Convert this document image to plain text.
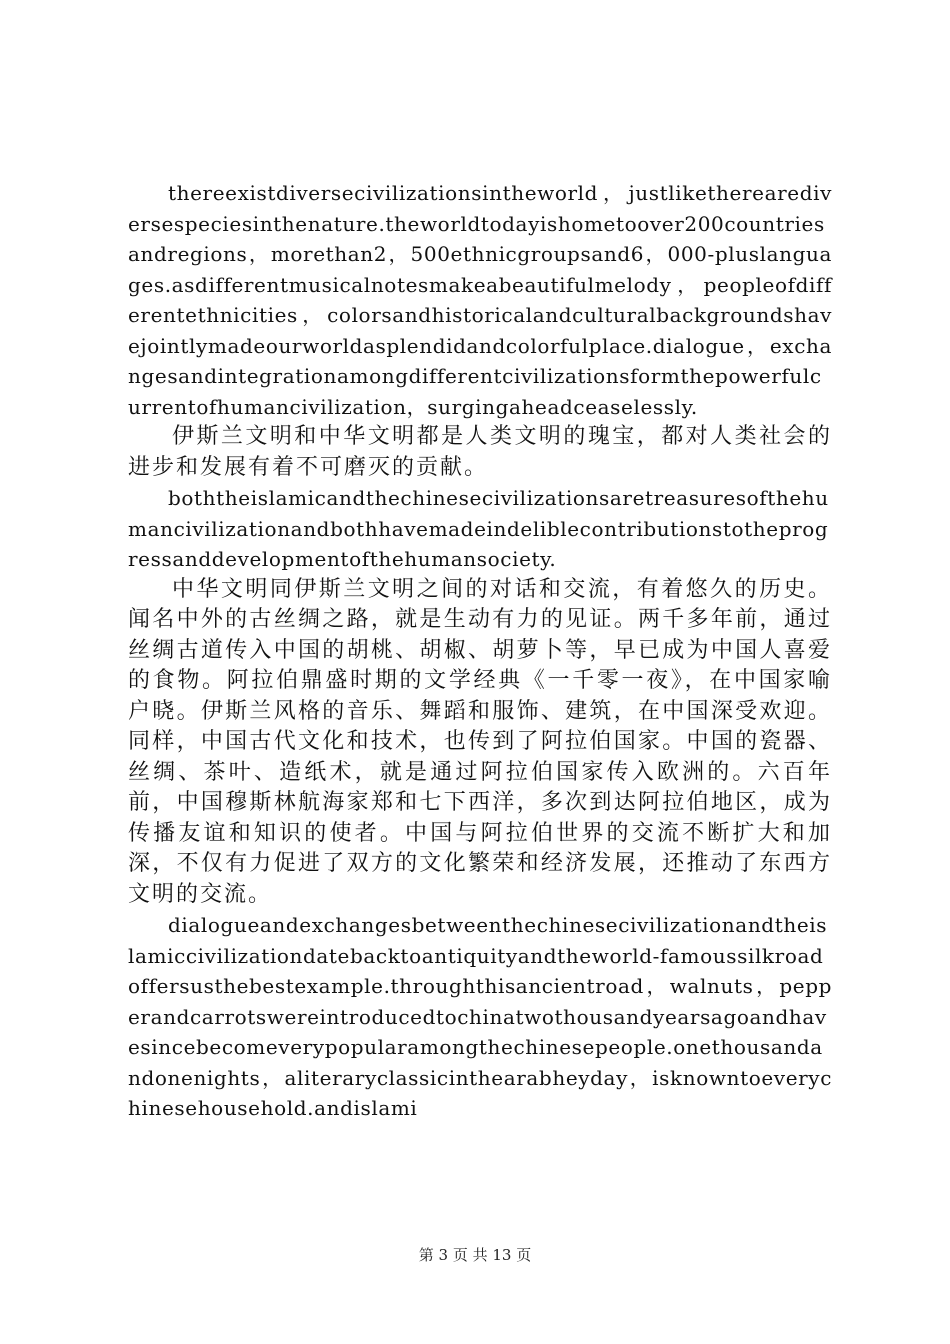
thereexistdiversecivilizationsintheworld，justliketherearediversespeciesinthenature.theworldtodayishometoover200countriesandregions，morethan2，500ethnicgroupsand6，000-pluslanguages.asdifferentmusicalnotesmakeabeautifulmelody，peopleofdifferentethnicities，colorsandhistoricalandculturalbackgroundshavejointlymadeourworldasplendidandcolorfulplace.dialogue，exchangesandintegrationamongdifferentcivilizationsformthepowerfulcurrentofhumancivilization，surgingaheadceaselessly.

伊斯兰文明和中华文明都是人类文明的瑰宝，都对人类社会的进步和发展有着不可磨灭的贡献。

boththeislamicandthechinesecivilizationsaretreasuresofthehumancivilizationandbothhavemadeindeliblecontributionstotheprogressanddevelopmentofthehumansociety.

中华文明同伊斯兰文明之间的对话和交流，有着悠久的历史。闻名中外的古丝绸之路，就是生动有力的见证。两千多年前，通过丝绸古道传入中国的胡桃、胡椒、胡萝卜等，早已成为中国人喜爱的食物。阿拉伯鼎盛时期的文学经典《一千零一夜》，在中国家喻户晓。伊斯兰风格的音乐、舞蹈和服饰、建筑，在中国深受欢迎。同样，中国古代文化和技术，也传到了阿拉伯国家。中国的瓷器、丝绸、茶叶、造纸术，就是通过阿拉伯国家传入欧洲的。六百年前，中国穆斯林航海家郑和七下西洋，多次到达阿拉伯地区，成为传播友谊和知识的使者。中国与阿拉伯世界的交流不断扩大和加深，不仅有力促进了双方的文化繁荣和经济发展，还推动了东西方文明的交流。

dialogueandexchangesbetweenthechinesecivilizationandtheislamiccivilizationdatebacktoantiquityandtheworld-famoussilkroadoffersusthebestexample.throughthisancientroad，walnuts，pepperandcarrotswereintroducedtochinatwothousandyearsagoandhavesincebecomeverypopularamongthechinesepeople.onethousandandonenights，aliteraryclassicinthearabheyday，isknowntoeverychinesehousehold.andislami

第 3 页 共 13 页
